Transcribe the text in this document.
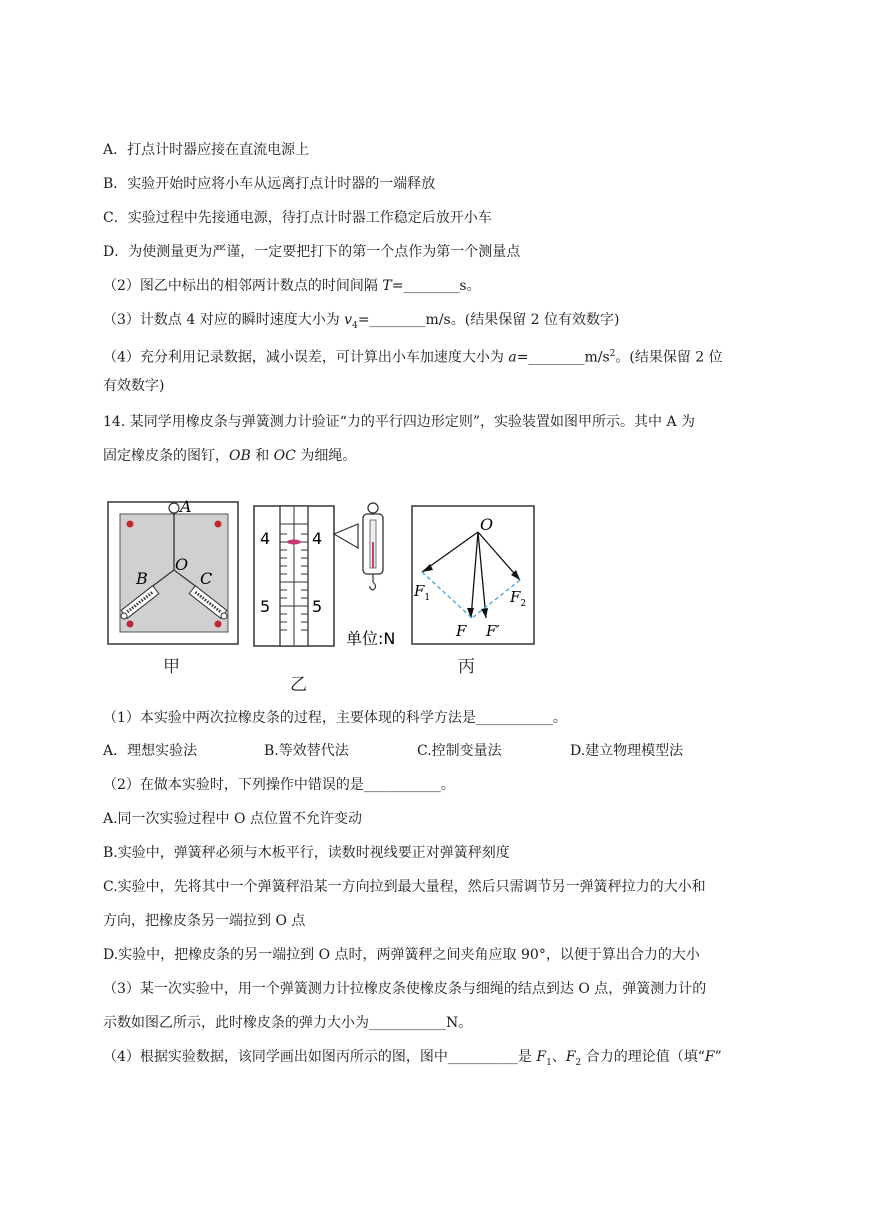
A．打点计时器应接在直流电源上
B．实验开始时应将小车从远离打点计时器的一端释放
C．实验过程中先接通电源，待打点计时器工作稳定后放开小车
D．为使测量更为严谨，一定要把打下的第一个点作为第一个测量点
（2）图乙中标出的相邻两计数点的时间间隔 T=________s。
（3）计数点 4 对应的瞬时速度大小为 $v_4=\_\_\_\_\_\_\_\_m/s$。(结果保留 2 位有效数字)
（4）充分利用记录数据，减小误差，可计算出小车加速度大小为 $a=\_\_\_\_\_\_\_\_m/s^2$。(结果保留 2 位
有效数字)
14. 某同学用橡皮条与弹簧测力计验证“力的平行四边形定则”，实验装置如图甲所示。其中 A 为
固定橡皮条的图钉，OB 和 OC 为细绳。
A
B
O
C
4	4
5	5
单位:N
O
$F_1$	$F_2$
F F′
甲
乙
丙
（1）本实验中两次拉橡皮条的过程，主要体现的科学方法是___________。
A．理想实验法	B.等效替代法	C.控制变量法	D.建立物理模型法
（2）在做本实验时，下列操作中错误的是___________。
A.同一次实验过程中 O 点位置不允许变动
B.实验中，弹簧秤必须与木板平行，读数时视线要正对弹簧秤刻度
C.实验中，先将其中一个弹簧秤沿某一方向拉到最大量程，然后只需调节另一弹簧秤拉力的大小和
方向，把橡皮条另一端拉到 O 点
D.实验中，把橡皮条的另一端拉到 O 点时，两弹簧秤之间夹角应取 90°，以便于算出合力的大小
（3）某一次实验中，用一个弹簧测力计拉橡皮条使橡皮条与细绳的结点到达 O 点，弹簧测力计的
示数如图乙所示，此时橡皮条的弹力大小为___________N。
（4）根据实验数据，该同学画出如图丙所示的图，图中__________是 $F_1$、$F_2$ 合力的理论值（填“F”
